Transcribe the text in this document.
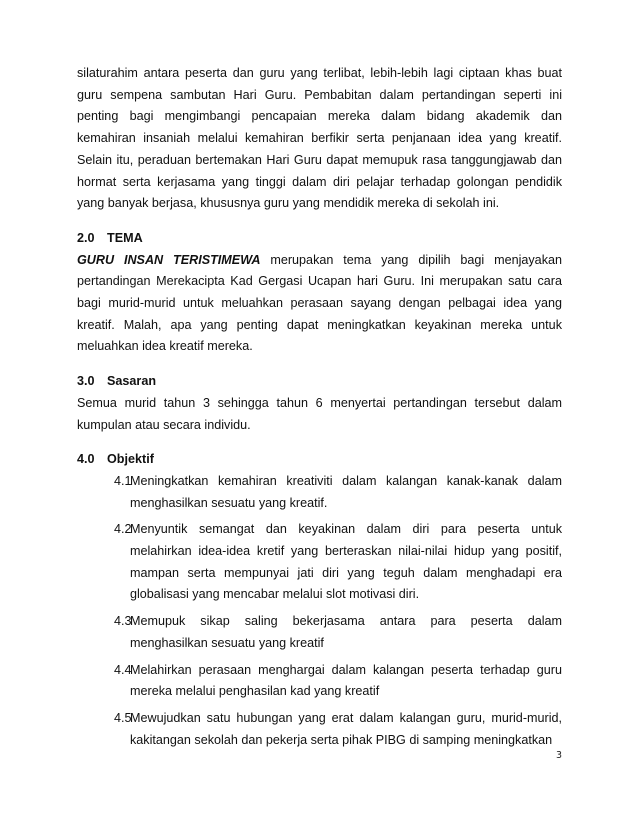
silaturahim antara peserta dan guru yang terlibat, lebih-lebih lagi ciptaan khas buat guru sempena sambutan Hari Guru. Pembabitan dalam pertandingan seperti ini penting bagi mengimbangi pencapaian mereka dalam bidang akademik dan kemahiran insaniah melalui kemahiran berfikir serta penjanaan idea yang kreatif. Selain itu, peraduan bertemakan Hari Guru dapat memupuk rasa tanggungjawab dan hormat serta kerjasama yang tinggi dalam diri pelajar terhadap golongan pendidik yang banyak berjasa, khususnya guru yang mendidik mereka di sekolah ini.

2.0 TEMA

GURU INSAN TERISTIMEWA merupakan tema yang dipilih bagi menjayakan pertandingan Merekacipta Kad Gergasi Ucapan hari Guru. Ini merupakan satu cara bagi murid-murid untuk meluahkan perasaan sayang dengan pelbagai idea yang kreatif. Malah, apa yang penting dapat meningkatkan keyakinan mereka untuk meluahkan idea kreatif mereka.

3.0 Sasaran

Semua murid tahun 3 sehingga tahun 6 menyertai pertandingan tersebut dalam kumpulan atau secara individu.

4.0 Objektif
4.1
Meningkatkan kemahiran kreativiti dalam kalangan kanak-kanak dalam menghasilkan sesuatu yang kreatif.
4.2
Menyuntik semangat dan keyakinan dalam diri para peserta untuk melahirkan idea-idea kretif yang berteraskan nilai-nilai hidup yang positif, mampan serta mempunyai jati diri yang teguh dalam menghadapi era globalisasi yang mencabar melalui slot motivasi diri.
4.3
Memupuk sikap saling bekerjasama antara para peserta dalam menghasilkan sesuatu yang kreatif
4.4
Melahirkan perasaan menghargai dalam kalangan peserta terhadap guru mereka melalui penghasilan kad yang kreatif
4.5
Mewujudkan satu hubungan yang erat dalam kalangan guru, murid-murid, kakitangan sekolah dan pekerja serta pihak PIBG di samping meningkatkan
3
